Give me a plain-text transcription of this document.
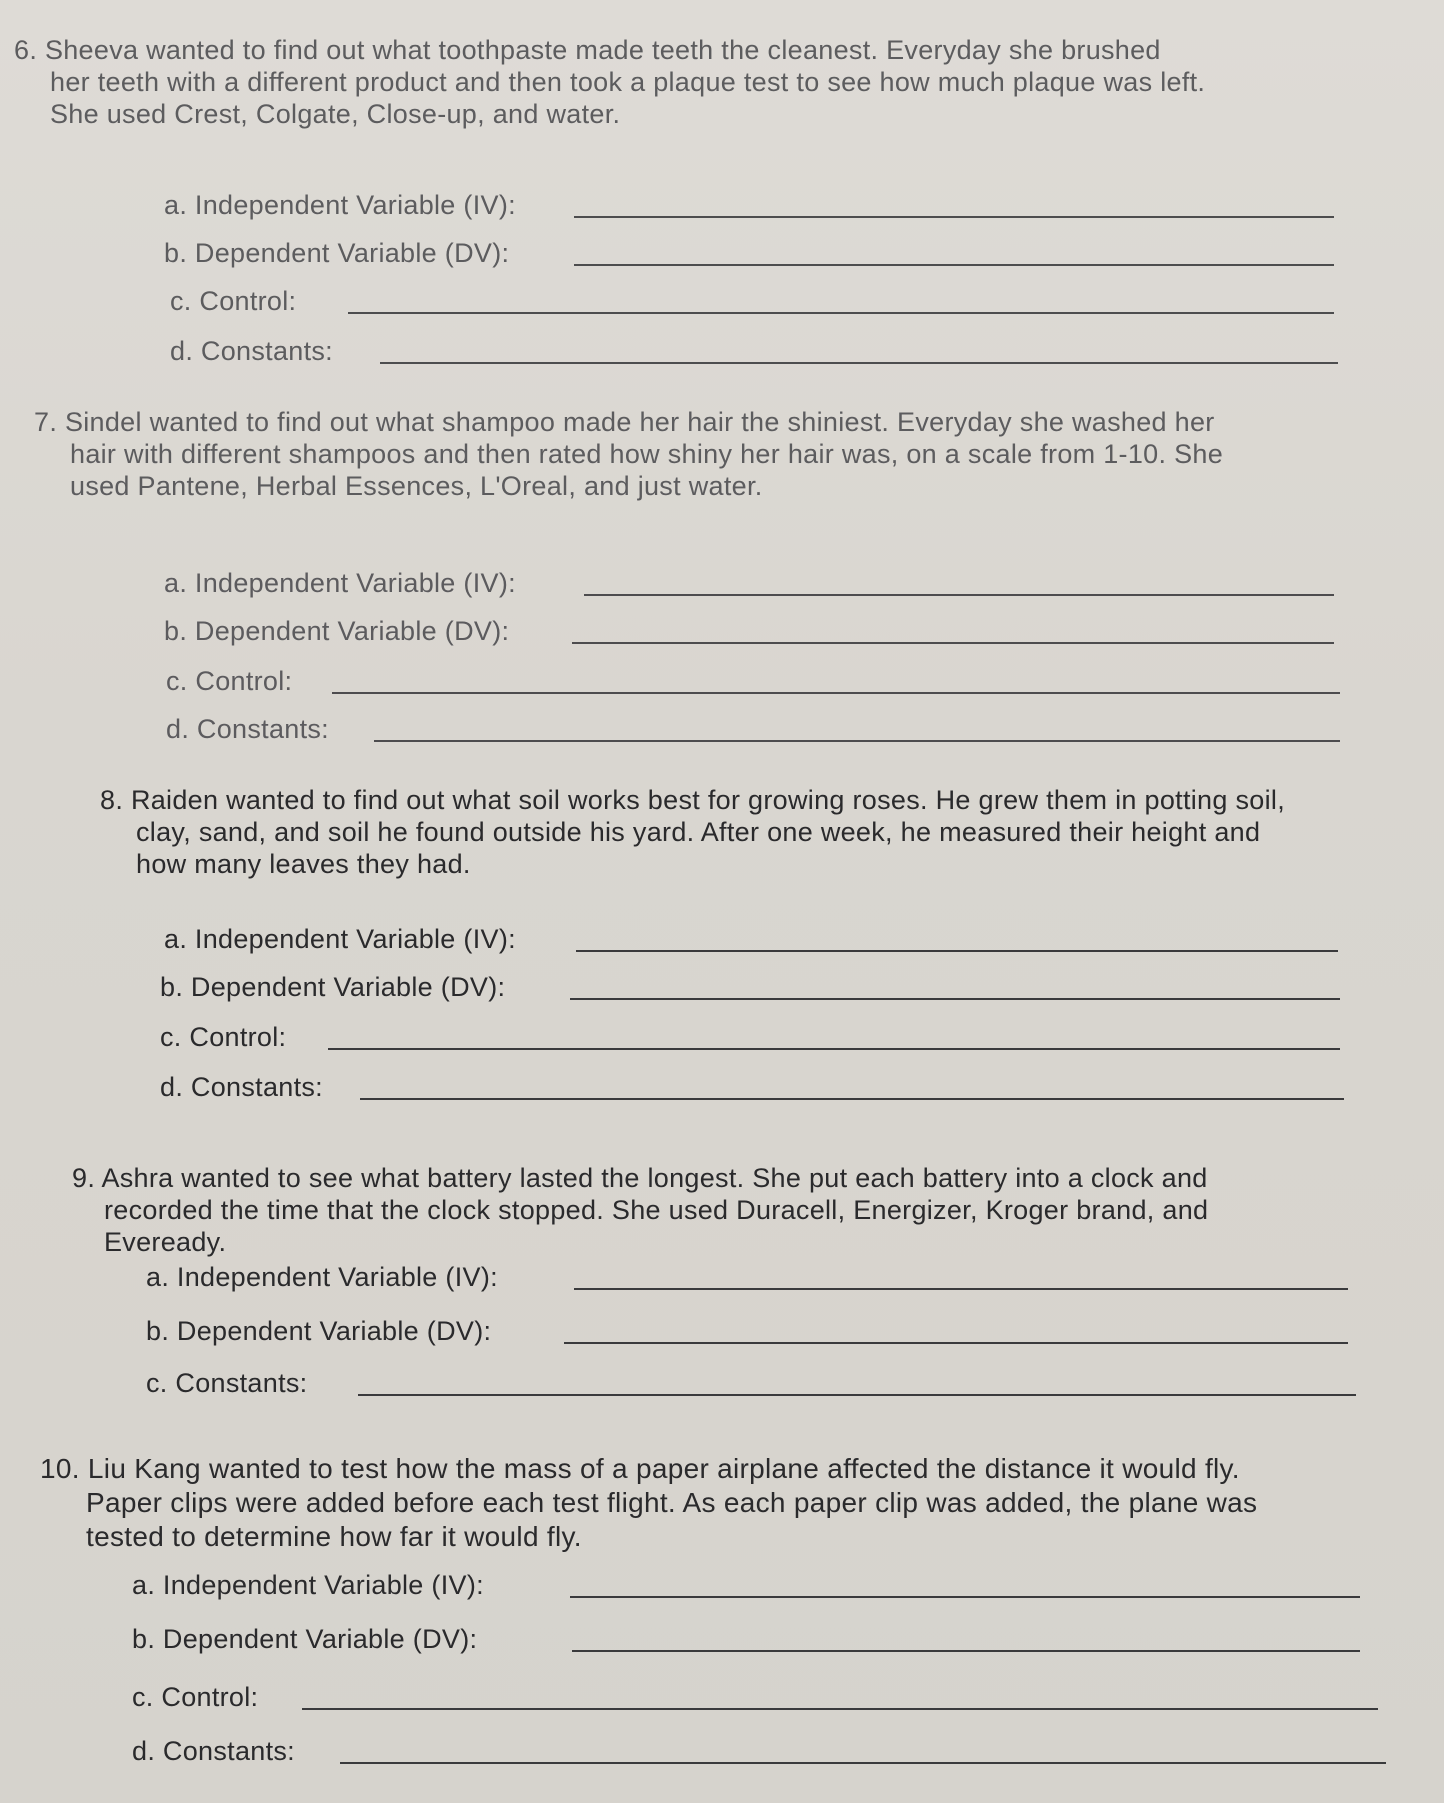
6. Sheeva wanted to find out what toothpaste made teeth the cleanest. Everyday she brushed
her teeth with a different product and then took a plaque test to see how much plaque was left.
She used Crest, Colgate, Close-up, and water.
a. Independent Variable (IV):
b. Dependent Variable (DV):
c. Control:
d. Constants:
7. Sindel wanted to find out what shampoo made her hair the shiniest. Everyday she washed her
hair with different shampoos and then rated how shiny her hair was, on a scale from 1-10. She
used Pantene, Herbal Essences, L'Oreal, and just water.
a. Independent Variable (IV):
b. Dependent Variable (DV):
c. Control:
d. Constants:
8. Raiden wanted to find out what soil works best for growing roses. He grew them in potting soil,
clay, sand, and soil he found outside his yard. After one week, he measured their height and
how many leaves they had.
a. Independent Variable (IV):
b. Dependent Variable (DV):
c. Control:
d. Constants:
9. Ashra wanted to see what battery lasted the longest. She put each battery into a clock and
recorded the time that the clock stopped. She used Duracell, Energizer, Kroger brand, and
Eveready.
a. Independent Variable (IV):
b. Dependent Variable (DV):
c. Constants:
10. Liu Kang wanted to test how the mass of a paper airplane affected the distance it would fly.
Paper clips were added before each test flight. As each paper clip was added, the plane was
tested to determine how far it would fly.
a. Independent Variable (IV):
b. Dependent Variable (DV):
c. Control:
d. Constants:
